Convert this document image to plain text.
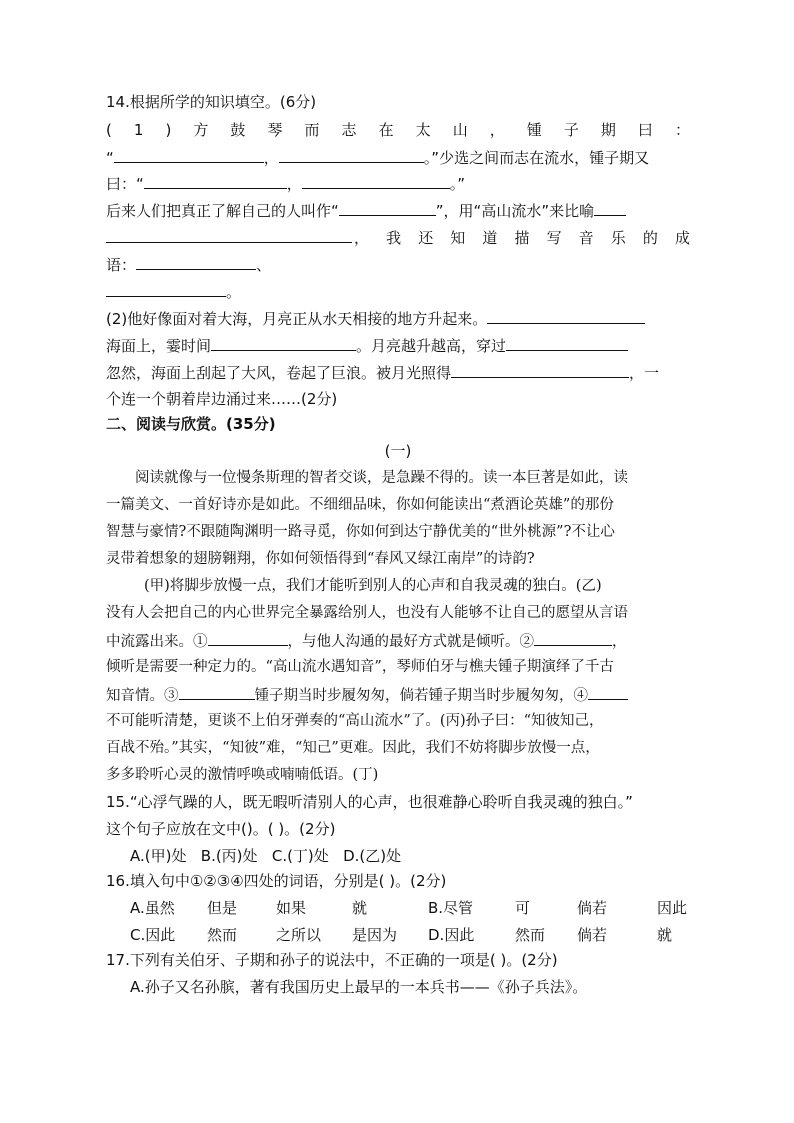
14.根据所学的知识填空。(6分)
( 1 ) 方 鼓 琴 而 志 在 太 山 ， 锺 子 期 曰 ：
“	，	。”少选之间而志在流水，锺子期又
曰：“	，	。”
后来人们把真正了解自己的人叫作“	”，用“高山流水”来比喻
， 我 还 知 道 描 写 音 乐 的 成
语：	、
。
(2)他好像面对着大海，月亮正从水天相接的地方升起来。
海面上，霎时间	。月亮越升越高，穿过
忽然，海面上刮起了大风，卷起了巨浪。被月光照得	，一
个连一个朝着岸边涌过来……(2分)
二、阅读与欣赏。(35分)
(一)
阅读就像与一位慢条斯理的智者交谈，是急躁不得的。读一本巨著是如此，读
一篇美文、一首好诗亦是如此。不细细品味，你如何能读出“煮酒论英雄”的那份
智慧与豪情?不跟随陶渊明一路寻觅，你如何到达宁静优美的“世外桃源”?不让心
灵带着想象的翅膀翱翔，你如何领悟得到“春风又绿江南岸”的诗韵?
(甲)将脚步放慢一点，我们才能听到别人的心声和自我灵魂的独白。(乙)
没有人会把自己的内心世界完全暴露给别人，也没有人能够不让自己的愿望从言语
中流露出来。①	，与他人沟通的最好方式就是倾听。②	，
倾听是需要一种定力的。“高山流水遇知音”，琴师伯牙与樵夫锺子期演绎了千古
知音情。③	锺子期当时步履匆匆，倘若锺子期当时步履匆匆，④
不可能听清楚，更谈不上伯牙弹奏的“高山流水”了。(丙)孙子曰：“知彼知己，
百战不殆。”其实，“知彼”难，“知己”更难。因此，我们不妨将脚步放慢一点，
多多聆听心灵的激情呼唤或喃喃低语。(丁)
15.“心浮气躁的人，既无暇听清别人的心声，也很难静心聆听自我灵魂的独白。”
这个句子应放在文中()。( )。(2分)
A.(甲)处   B.(丙)处   C.(丁)处   D.(乙)处
16.填入句中①②③④四处的词语，分别是( )。(2分)
A.虽然 但是	如果	就	B.尽管	可	倘若	因此
C.因此 然而	之所以 是因为 D.因此	然而 倘若	就
17.下列有关伯牙、子期和孙子的说法中，不正确的一项是( )。(2分)
A.孙子又名孙膑，著有我国历史上最早的一本兵书——《孙子兵法》。
